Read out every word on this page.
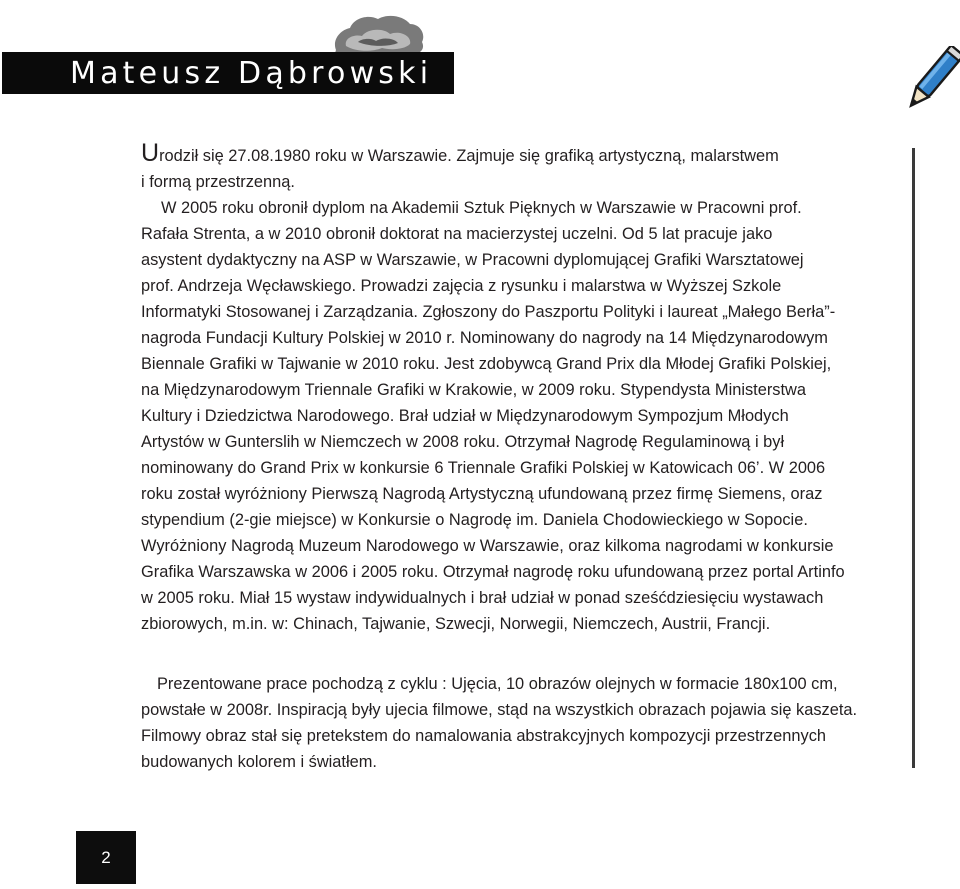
Mateusz Dąbrowski
Urodził się 27.08.1980 roku w Warszawie. Zajmuje się grafiką artystyczną, malarstwem
i formą przestrzenną.
W 2005 roku obronił dyplom na Akademii Sztuk Pięknych w Warszawie w Pracowni prof.
Rafała Strenta, a w 2010 obronił doktorat na macierzystej uczelni. Od 5 lat pracuje jako
asystent dydaktyczny na ASP w Warszawie, w Pracowni dyplomującej Grafiki Warsztatowej
prof. Andrzeja Węcławskiego. Prowadzi zajęcia z rysunku i malarstwa w Wyższej Szkole
Informatyki Stosowanej i Zarządzania. Zgłoszony do Paszportu Polityki i laureat „Małego Berła”-
nagroda Fundacji Kultury Polskiej w 2010 r. Nominowany do nagrody na 14 Międzynarodowym
Biennale Grafiki w Tajwanie w 2010 roku. Jest zdobywcą Grand Prix dla Młodej Grafiki Polskiej,
na Międzynarodowym Triennale Grafiki w Krakowie, w 2009 roku. Stypendysta Ministerstwa
Kultury i Dziedzictwa Narodowego. Brał udział w Międzynarodowym Sympozjum Młodych
Artystów w Gunterslih w Niemczech w 2008 roku. Otrzymał Nagrodę Regulaminową i był
nominowany do Grand Prix w konkursie 6 Triennale Grafiki Polskiej w Katowicach 06’. W 2006
roku został wyróżniony Pierwszą Nagrodą Artystyczną ufundowaną przez firmę Siemens, oraz
stypendium (2-gie miejsce) w Konkursie o Nagrodę im. Daniela Chodowieckiego w Sopocie.
Wyróżniony Nagrodą Muzeum Narodowego w Warszawie, oraz kilkoma nagrodami w konkursie
Grafika Warszawska w 2006 i 2005 roku. Otrzymał nagrodę roku ufundowaną przez portal Artinfo
w 2005 roku. Miał 15 wystaw indywidualnych i brał udział w ponad sześćdziesięciu wystawach
zbiorowych, m.in. w: Chinach, Tajwanie, Szwecji, Norwegii, Niemczech, Austrii, Francji.
Prezentowane prace pochodzą z cyklu : Ujęcia, 10 obrazów olejnych w formacie 180x100 cm,
powstałe w 2008r. Inspiracją były ujecia filmowe, stąd na wszystkich obrazach pojawia się kaszeta.
Filmowy obraz stał się pretekstem do namalowania abstrakcyjnych kompozycji przestrzennych
budowanych kolorem i światłem.
2
